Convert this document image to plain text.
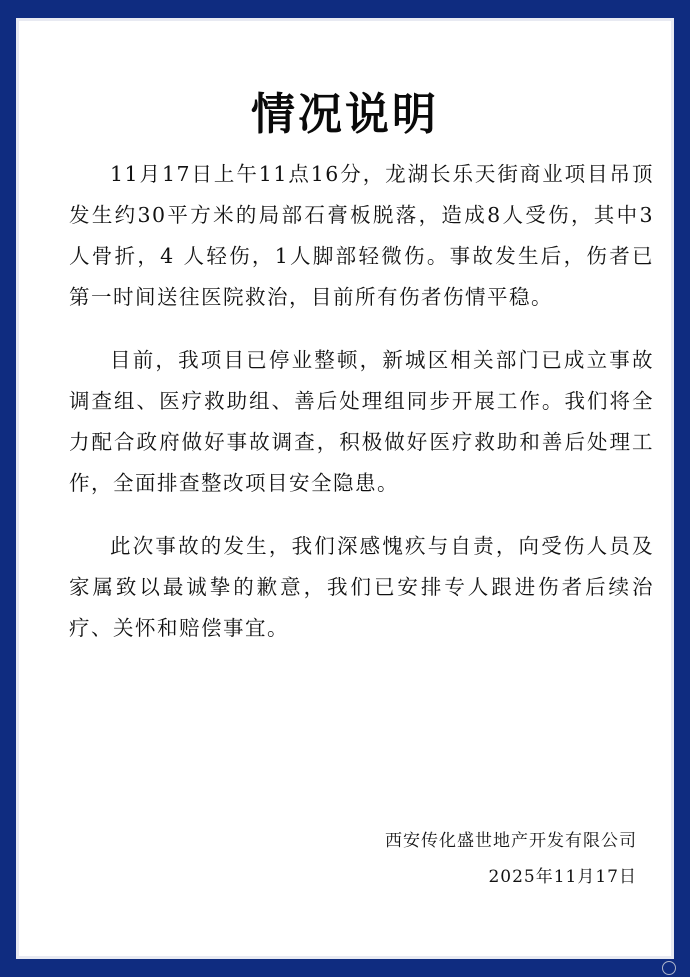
情况说明

11月17日上午11点16分，龙湖长乐天街商业项目吊顶发生约30平方米的局部石膏板脱落，造成8人受伤，其中3人骨折，4 人轻伤，1人脚部轻微伤。事故发生后，伤者已第一时间送往医院救治，目前所有伤者伤情平稳。

目前，我项目已停业整顿，新城区相关部门已成立事故调查组、医疗救助组、善后处理组同步开展工作。我们将全力配合政府做好事故调查，积极做好医疗救助和善后处理工作，全面排查整改项目安全隐患。

此次事故的发生，我们深感愧疚与自责，向受伤人员及家属致以最诚挚的歉意，我们已安排专人跟进伤者后续治疗、关怀和赔偿事宜。

西安传化盛世地产开发有限公司
2025年11月17日
